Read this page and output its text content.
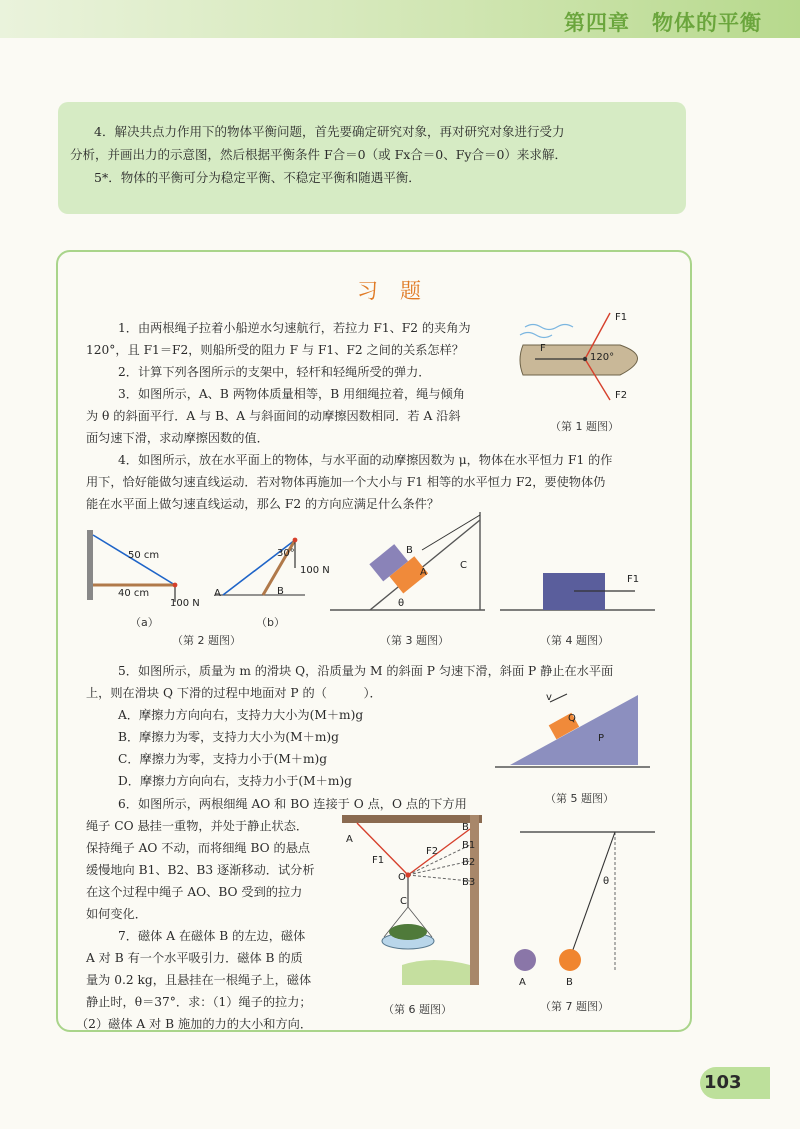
第四章　物体的平衡

4．解决共点力作用下的物体平衡问题，首先要确定研究对象，再对研究对象进行受力

分析，并画出力的示意图，然后根据平衡条件 F合＝0（或 Fx合＝0、Fy合＝0）来求解．

5*．物体的平衡可分为稳定平衡、不稳定平衡和随遇平衡．

习题
1．由两根绳子拉着小船逆水匀速航行，若拉力 F1、F2 的夹角为
120°，且 F1＝F2，则船所受的阻力 F 与 F1、F2 之间的关系怎样？
2．计算下列各图所示的支架中，轻杆和轻绳所受的弹力．
3．如图所示，A、B 两物体质量相等，B 用细绳拉着，绳与倾角
为 θ 的斜面平行．A 与 B、A 与斜面间的动摩擦因数相同．若 A 沿斜
面匀速下滑，求动摩擦因数的值．
4．如图所示，放在水平面上的物体，与水平面的动摩擦因数为 μ，物体在水平恒力 F1 的作
用下，恰好能做匀速直线运动．若对物体再施加一个大小与 F1 相等的水平恒力 F2，要使物体仍
能在水平面上做匀速直线运动，那么 F2 的方向应满足什么条件？
F1
F2
F
120°
（第 1 题图）
50 cm
40 cm
100 N
（a）
30°
100 N
A	B
（b）
（第 2 题图）
B
A
C
θ
（第 3 题图）
F1
（第 4 题图）
5．如图所示，质量为 m 的滑块 Q，沿质量为 M 的斜面 P 匀速下滑，斜面 P 静止在水平面
上，则在滑块 Q 下滑的过程中地面对 P 的（　　　）．
A．摩擦力方向向右，支持力大小为(M＋m)g
B．摩擦力为零，支持力大小为(M＋m)g
C．摩擦力为零，支持力小于(M＋m)g
D．摩擦力方向向右，支持力小于(M＋m)g
v
Q
P
（第 5 题图）
6．如图所示，两根细绳 AO 和 BO 连接于 O 点，O 点的下方用
绳子 CO 悬挂一重物，并处于静止状态．
保持绳子 AO 不动，而将细绳 BO 的悬点
缓慢地向 B1、B2、B3 逐渐移动．试分析
在这个过程中绳子 AO、BO 受到的拉力
如何变化．
7．磁体 A 在磁体 B 的左边，磁体
A 对 B 有一个水平吸引力．磁体 B 的质
量为 0.2 kg，且悬挂在一根绳子上，磁体
静止时，θ＝37°．求：（1）绳子的拉力；
（2）磁体 A 对 B 施加的力的大小和方向．
A
F1
F2
O
C
B
B1
B2
B3
（第 6 题图）
θ
A	B
（第 7 题图）
103
